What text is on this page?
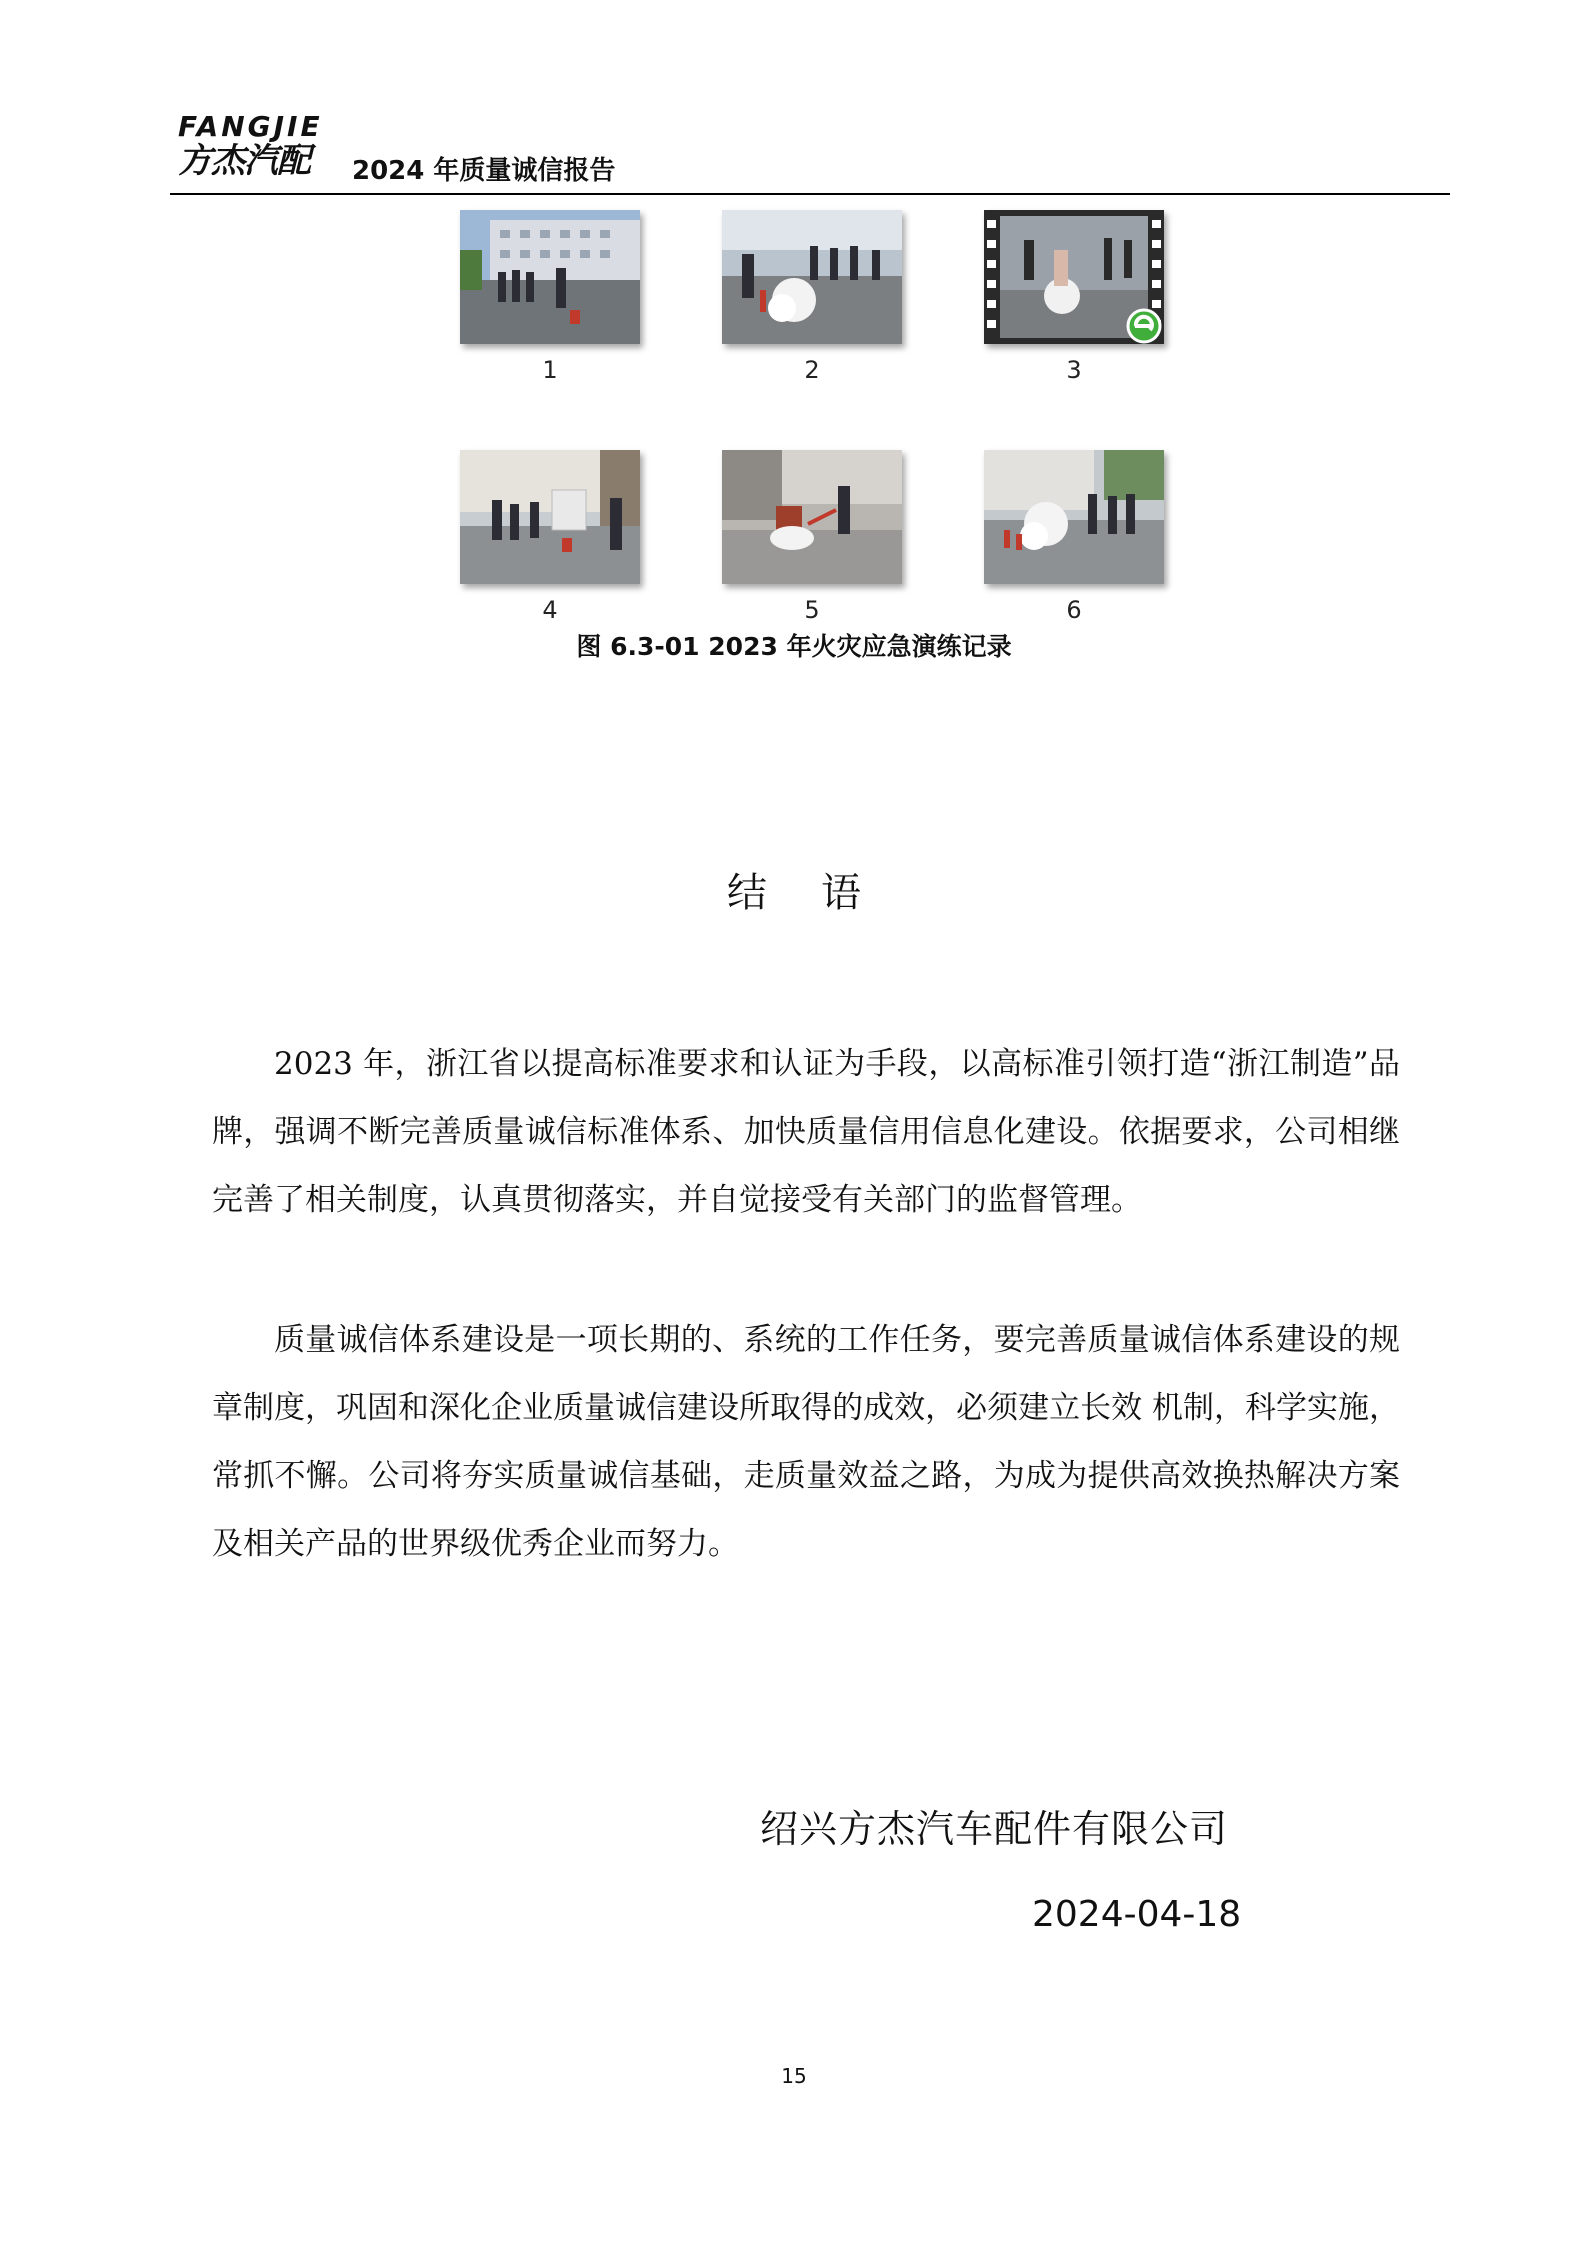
FANGJIE
方杰汽配 2024 年质量诚信报告
1	2	3
4	5	6
图 6.3-01 2023 年火灾应急演练记录
结语

2023 年，浙江省以提高标准要求和认证为手段，以高标准引领打造“浙江制造”品牌，强调不断完善质量诚信标准体系、加快质量信用信息化建设。依据要求，公司相继完善了相关制度，认真贯彻落实，并自觉接受有关部门的监督管理。

质量诚信体系建设是一项长期的、系统的工作任务，要完善质量诚信体系建设的规章制度，巩固和深化企业质量诚信建设所取得的成效，必须建立长效 机制，科学实施，常抓不懈。公司将夯实质量诚信基础，走质量效益之路，为成为提供高效换热解决方案及相关产品的世界级优秀企业而努力。

绍兴方杰汽车配件有限公司
2024-04-18
15
